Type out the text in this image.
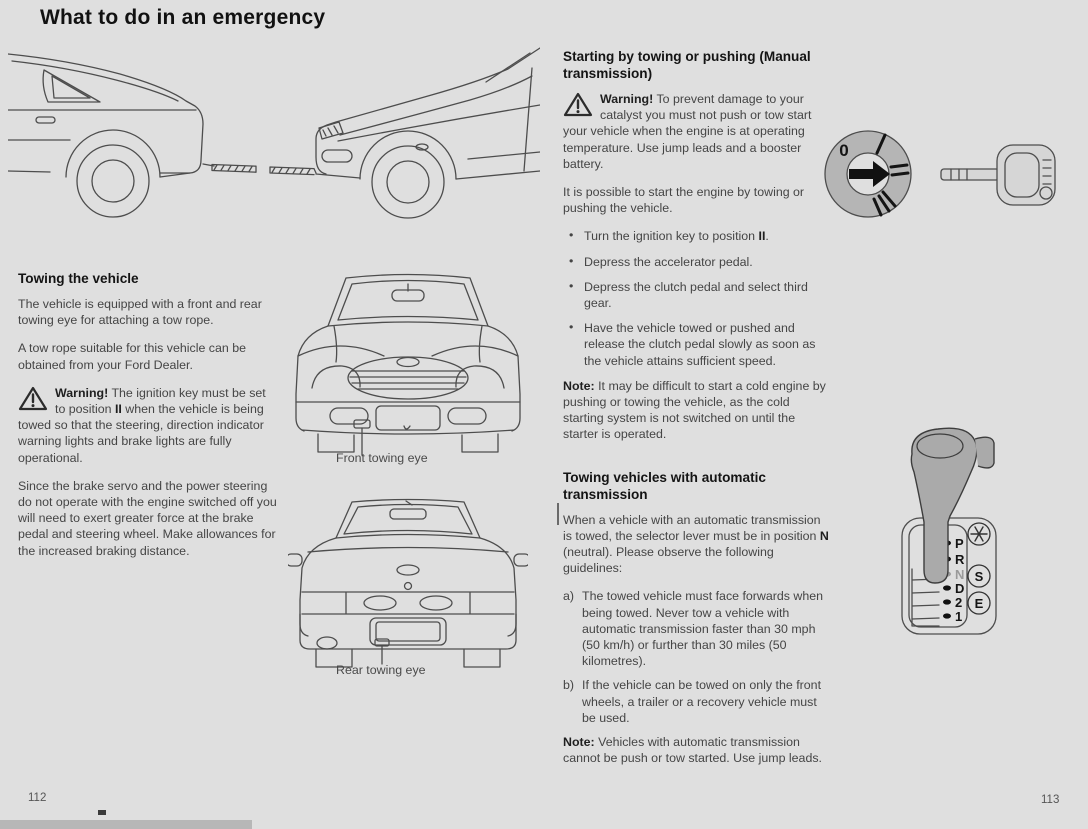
What to do in an emergency
Towing the vehicle

The vehicle is equipped with a front and rear towing eye for attaching a tow rope.

A tow rope suitable for this vehicle can be obtained from your Ford Dealer.

Warning! The ignition key must be set to position II when the vehicle is being towed so that the steering, direction indicator warning lights and brake lights are fully operational.

Since the brake servo and the power steering do not operate with the engine switched off you will need to exert greater force at the brake pedal and steering wheel. Make allowances for the increased braking distance.

Front towing eye
Rear towing eye
Starting by towing or pushing (Manual transmission)
Warning! To prevent damage to your catalyst you must not push or tow start your vehicle when the engine is at operating temperature. Use jump leads and a booster battery.

It is possible to start the engine by towing or pushing the vehicle.

• Turn the ignition key to position II.
• Depress the accelerator pedal.
• Depress the clutch pedal and select third gear.
• Have the vehicle towed or pushed and release the clutch pedal slowly as soon as the vehicle attains sufficient speed.

Note: It may be difficult to start a cold engine by pushing or towing the vehicle, as the cold starting system is not switched on until the starter is operated.

Towing vehicles with automatic transmission

When a vehicle with an automatic transmission is towed, the selector lever must be in position N (neutral). Please observe the following guidelines:

a) The towed vehicle must face forwards when being towed. Never tow a vehicle with automatic transmission faster than 30 mph (50 km/h) or further than 30 miles (50 kilometres).
b) If the vehicle can be towed on only the front wheels, a trailer or a recovery vehicle must be used.

Note: Vehicles with automatic transmission cannot be push or tow started. Use jump leads.

0
P
R
N
D
2
1
S
E
112	113
